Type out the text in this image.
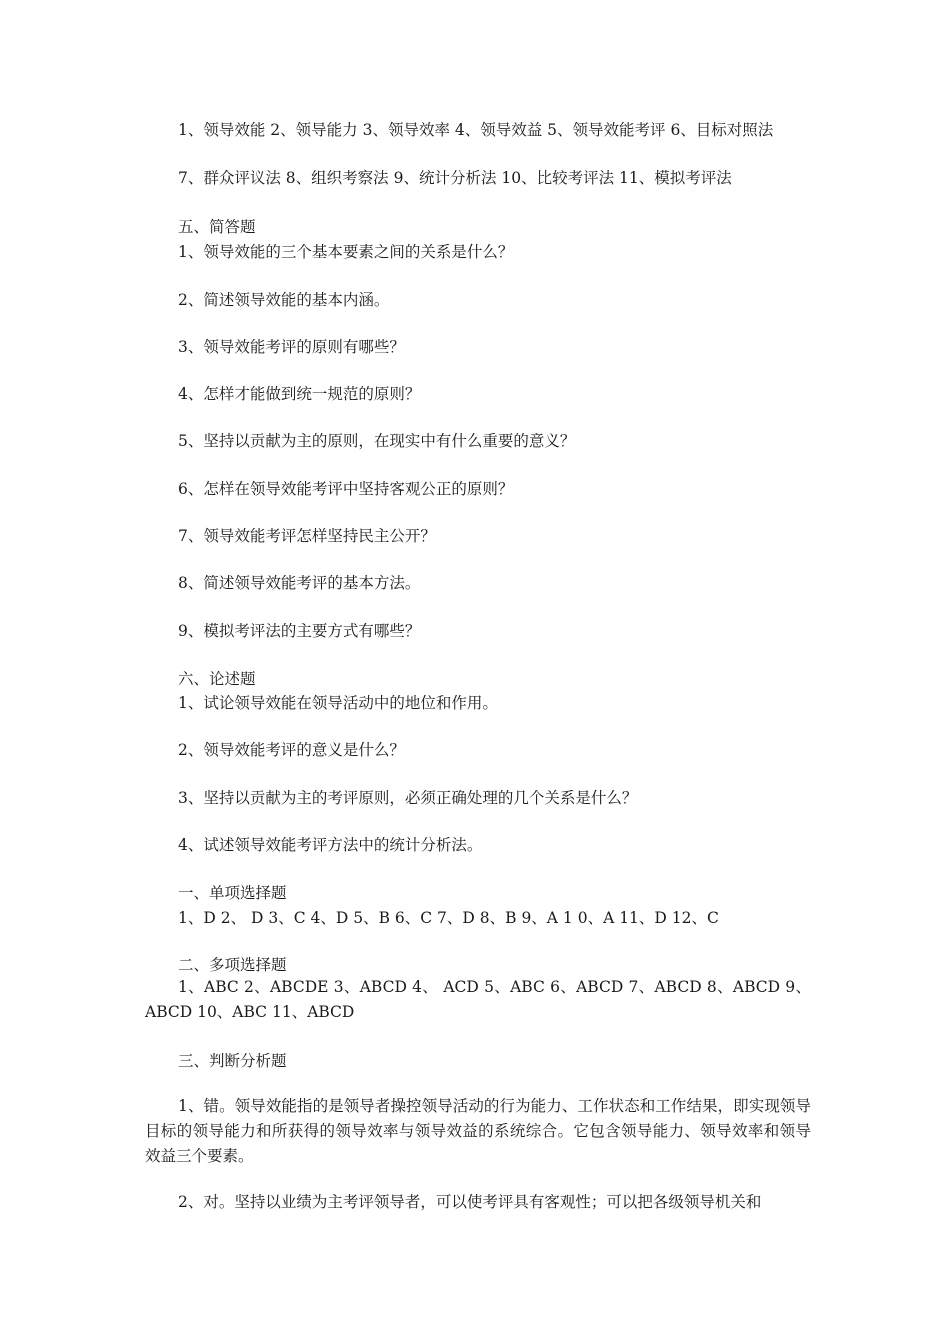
1、领导效能 2、领导能力 3、领导效率 4、领导效益 5、领导效能考评 6、目标对照法
7、群众评议法 8、组织考察法 9、统计分析法 10、比较考评法 11、模拟考评法
五、简答题
1、领导效能的三个基本要素之间的关系是什么？
2、简述领导效能的基本内涵。
3、领导效能考评的原则有哪些？
4、怎样才能做到统一规范的原则？
5、坚持以贡献为主的原则，在现实中有什么重要的意义？
6、怎样在领导效能考评中坚持客观公正的原则？
7、领导效能考评怎样坚持民主公开？
8、简述领导效能考评的基本方法。
9、模拟考评法的主要方式有哪些？
六、论述题
1、试论领导效能在领导活动中的地位和作用。
2、领导效能考评的意义是什么？
3、坚持以贡献为主的考评原则，必须正确处理的几个关系是什么？
4、试述领导效能考评方法中的统计分析法。
一、单项选择题
1、D 2、 D 3、C 4、D 5、B 6、C 7、D 8、B 9、A 1 0、A 11、D 12、C
二、多项选择题
1、ABC 2、ABCDE 3、ABCD 4、 ACD 5、ABC 6、ABCD 7、ABCD 8、ABCD 9、ABCD 10、ABC 11、ABCD
三、判断分析题
1、错。领导效能指的是领导者操控领导活动的行为能力、工作状态和工作结果，即实现领导目标的领导能力和所获得的领导效率与领导效益的系统综合。它包含领导能力、领导效率和领导效益三个要素。
2、对。坚持以业绩为主考评领导者，可以使考评具有客观性；可以把各级领导机关和
